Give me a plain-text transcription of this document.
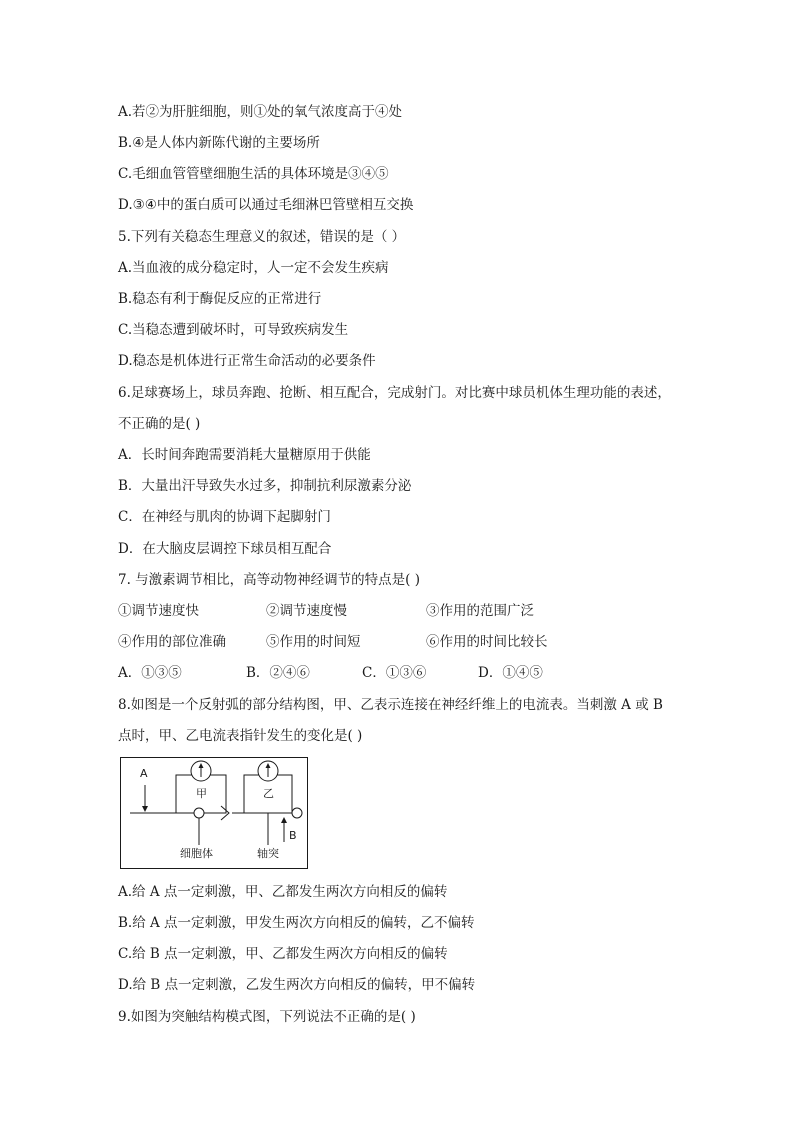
A.若②为肝脏细胞，则①处的氧气浓度高于④处
B.④是人体内新陈代谢的主要场所
C.毛细血管管壁细胞生活的具体环境是③④⑤
D.③④中的蛋白质可以通过毛细淋巴管壁相互交换
5.下列有关稳态生理意义的叙述，错误的是（ ）
A.当血液的成分稳定时，人一定不会发生疾病
B.稳态有利于酶促反应的正常进行
C.当稳态遭到破坏时，可导致疾病发生
D.稳态是机体进行正常生命活动的必要条件
6.足球赛场上，球员奔跑、抢断、相互配合，完成射门。对比赛中球员机体生理功能的表述，
不正确的是( )
A．长时间奔跑需要消耗大量糖原用于供能
B．大量出汗导致失水过多，抑制抗利尿激素分泌
C．在神经与肌肉的协调下起脚射门
D．在大脑皮层调控下球员相互配合
7. 与激素调节相比，高等动物神经调节的特点是( )
①调节速度快	②调节速度慢	③作用的范围广泛
④作用的部位准确	⑤作用的时间短	⑥作用的时间比较长
A．①③⑤	B．②④⑥	C．①③⑥	D．①④⑤
8.如图是一个反射弧的部分结构图，甲、乙表示连接在神经纤维上的电流表。当刺激 A 或 B
点时，甲、乙电流表指针发生的变化是( )
A
甲	乙
细胞体	轴突
B
A.给 A 点一定刺激，甲、乙都发生两次方向相反的偏转
B.给 A 点一定刺激，甲发生两次方向相反的偏转，乙不偏转
C.给 B 点一定刺激，甲、乙都发生两次方向相反的偏转
D.给 B 点一定刺激，乙发生两次方向相反的偏转，甲不偏转
9.如图为突触结构模式图，下列说法不正确的是( )
